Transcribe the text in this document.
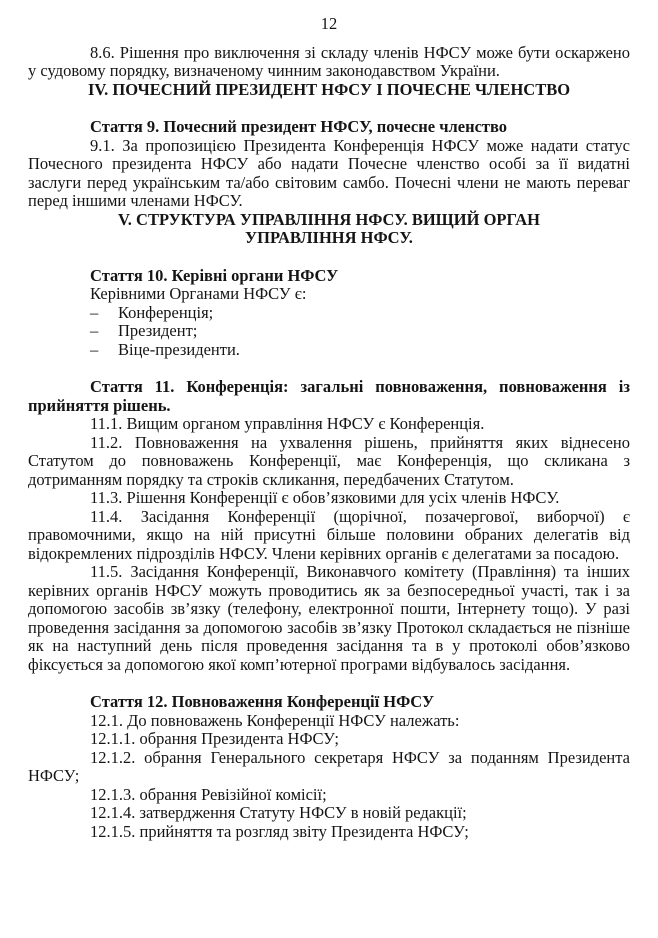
12

8.6. Рішення про виключення зі складу членів НФСУ може бути оскаржено у судовому порядку, визначеному чинним законодавством України.

IV. ПОЧЕСНИЙ ПРЕЗИДЕНТ НФСУ І ПОЧЕСНЕ ЧЛЕНСТВО

Стаття 9. Почесний президент НФСУ, почесне членство

9.1. За пропозицією Президента Конференція НФСУ може надати статус Почесного президента НФСУ або надати Почесне членство особі за її видатні заслуги перед українським та/або світовим самбо. Почесні члени не мають переваг перед іншими членами НФСУ.

V. СТРУКТУРА УПРАВЛІННЯ НФСУ. ВИЩИЙ ОРГАН
УПРАВЛІННЯ НФСУ.

Стаття 10. Керівні органи НФСУ

Керівними Органами НФСУ є:

–	Конференція;
–	Президент;
–	Віце-президенти.

Стаття 11. Конференція: загальні повноваження, повноваження із прийняття рішень.

11.1. Вищим органом управління НФСУ є Конференція.

11.2. Повноваження на ухвалення рішень, прийняття яких віднесено Статутом до повноважень Конференції, має Конференція, що скликана з дотриманням порядку та строків скликання, передбачених Статутом.

11.3. Рішення Конференції є обов’язковими для усіх членів НФСУ.

11.4. Засідання Конференції (щорічної, позачергової, виборчої) є правомочними, якщо на ній присутні більше половини обраних делегатів від відокремлених підрозділів НФСУ. Члени керівних органів є делегатами за посадою.

11.5. Засідання Конференції, Виконавчого комітету (Правління) та інших керівних органів НФСУ можуть проводитись як за безпосередньої участі, так і за допомогою засобів зв’язку (телефону, електронної пошти, Інтернету тощо). У разі проведення засідання за допомогою засобів зв’язку Протокол складається не пізніше як на наступний день після проведення засідання та в у протоколі обов’язково фіксується за допомогою якої комп’ютерної програми відбувалось засідання.

Стаття 12. Повноваження Конференції НФСУ

12.1. До повноважень Конференції НФСУ належать:

12.1.1. обрання Президента НФСУ;

12.1.2. обрання Генерального секретаря НФСУ за поданням Президента НФСУ;

12.1.3. обрання Ревізійної комісії;

12.1.4. затвердження Статуту НФСУ в новій редакції;

12.1.5. прийняття та розгляд звіту Президента НФСУ;
